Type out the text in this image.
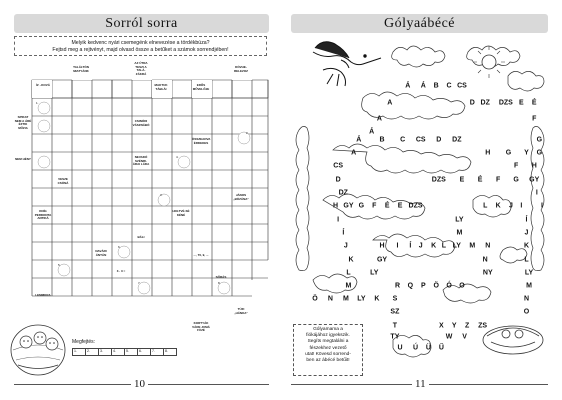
Sorról sorra
Melyik kedvenc nyári csemegénk elnevezése a tördékbúza?
Fejtsd meg a rejtvényt, majd olvasd össze a betűket a számok sorrendjében!
1.
4.
3.
2.
5.
6.
7.	8.
TALÁLTÓN MIATYÁNK
AZ ÚTRA TESZI A TALÁ-ZÁKRÁ
DÖVHE-RELEZOZ
ÍZ ..KOVÁ	MAKTUK TÁBLÁI
ERŐS MŰVELŐJE
SPIKAT NEM A ÁRÉ ÉZTIK MŰZIA
CSINÓDI VÁSZNÁBÓ
ÖSSZEADVA ÉRDEKES
NEM HÉNY	NEVADÓ SZÉNRI-ÁRAI LÁDA
VESZE CSÓNÁ
JÁNOS „BÓZÁNA”
KNÍG PERDONTA ANTIKÁ
HOLTVÉ-SÉ KÉNÉ
BÁLI
NAVÁRI ÁNTÁN	..., 70, 9, ...
3 · 3 =
SŐRÁS
LEMMKRA
TÜZI „HÁNKA”
KORTYÁK VÁRE JUMÁ FÜZÉ
Megfejtés:
1.	2.	3.	4.	5.	6.	7.	8.
10
Gólyaábécé
Á Á B C CS
A	D DZ DZS E É
A	F
Á
Á	B C CS D DZ	G
A	H G Y G
CS	F H
D	DZS E É F G GY
DZ	I
H GY G F É E DZS	L K J I	I
I	LY	Í
Í	M	J
J	H I Í J K L LY M N	K
K	GY	N	L
L	LY	NY	LY
M	R Q P Ö Ó O	M
Ö N M LY K S	N
SZ	O
T	X Y Z ZS
TY	W V
U Ú Ü Ű
Gólyamama a
fiókájához igyekszik.
Segíts megtalálni a
fészekhez vezető
utat! Kövesd sorrend-
ben az ábécé betűit!
11
